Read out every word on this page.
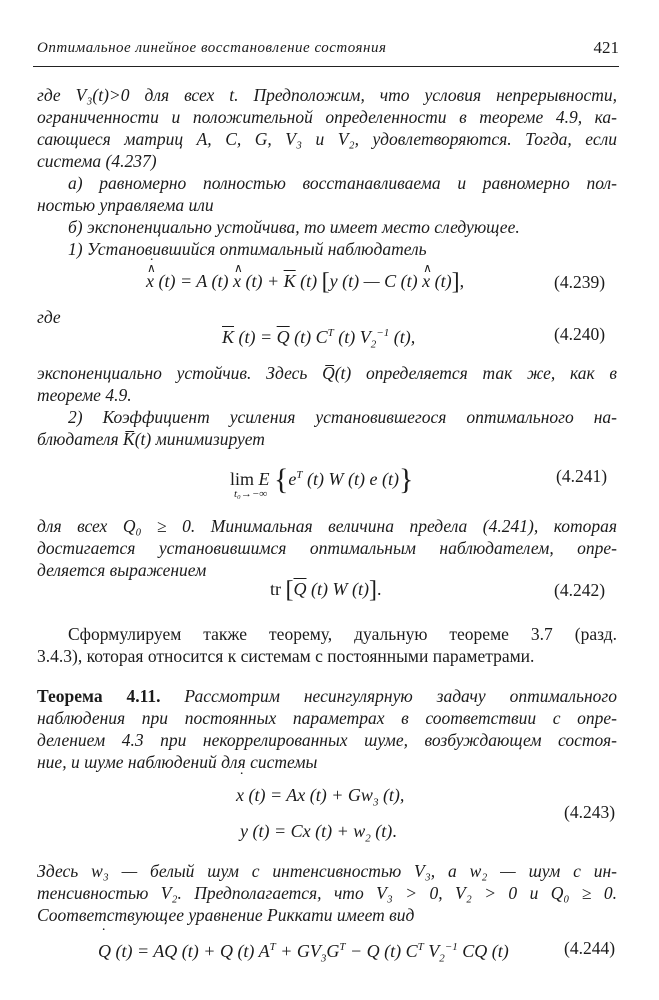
Оптимальное линейное восстановление состояния	421
где V₃(t)>0 для всех t. Предположим, что условия непрерывности,
ограниченности и положительной определенности в теореме 4.9, ка-
сающиеся матриц A, C, G, V₃ и V₂, удовлетворяются. Тогда, если
система (4.237)
а) равномерно полностью восстанавливаема и равномерно пол-
ностью управляема или
б) экспоненциально устойчива, то имеет место следующее.
1) Установившийся оптимальный наблюдатель
∧ ˙ x (t) = A (t) ∧ x $(t) + \overline{K}$ (t) [y (t) — C (t) ∧ x (t)],	(4.239)
где
$\overline{K}$ $(t) = \overline{Q}$ (t) $C^T$ (t) $V_2^{-1}$ (t),	(4.240)
экспоненциально устойчив. Здесь Q̅(t) определяется так же, как в
теореме 4.9.
2) Коэффициент усиления установившегося оптимального на-
блюдателя K̅(t) минимизирует
lim E {$e^T$ (t) W (t) e (t)}
t₀→−∞
(4.241)
для всех Q₀ ≥ 0. Минимальная величина предела (4.241), которая
достигается установившимся оптимальным наблюдателем, опре-
деляется выражением
tr [$\overline{Q}$ (t) W (t)].	(4.242)
Сформулируем также теорему, дуальную теореме 3.7 (разд.
3.4.3), которая относится к системам с постоянными параметрами.
Теорема 4.11. Рассмотрим несингулярную задачу оптимального
наблюдения при постоянных параметрах в соответствии с опре-
делением 4.3 при некоррелированных шуме, возбуждающем состоя-
ние, и шуме наблюдений для системы
˙ x (t) = Ax $(t) + Gw_3$ (t),
y (t) = Cx $(t) + w_2$ (t).
(4.243)
Здесь w₃ — белый шум с интенсивностью V₃, а w₂ — шум с ин-
тенсивностью V₂. Предполагается, что V₃ > 0, V₂ > 0 и Q₀ ≥ 0.
Соответствующее уравнение Риккати имеет вид
˙ Q (t) = AQ (t) + Q (t) $A^T + GV_3G^T - Q$ (t) $C^T$ $V_2^{-1}$ CQ (t)	(4.244)
